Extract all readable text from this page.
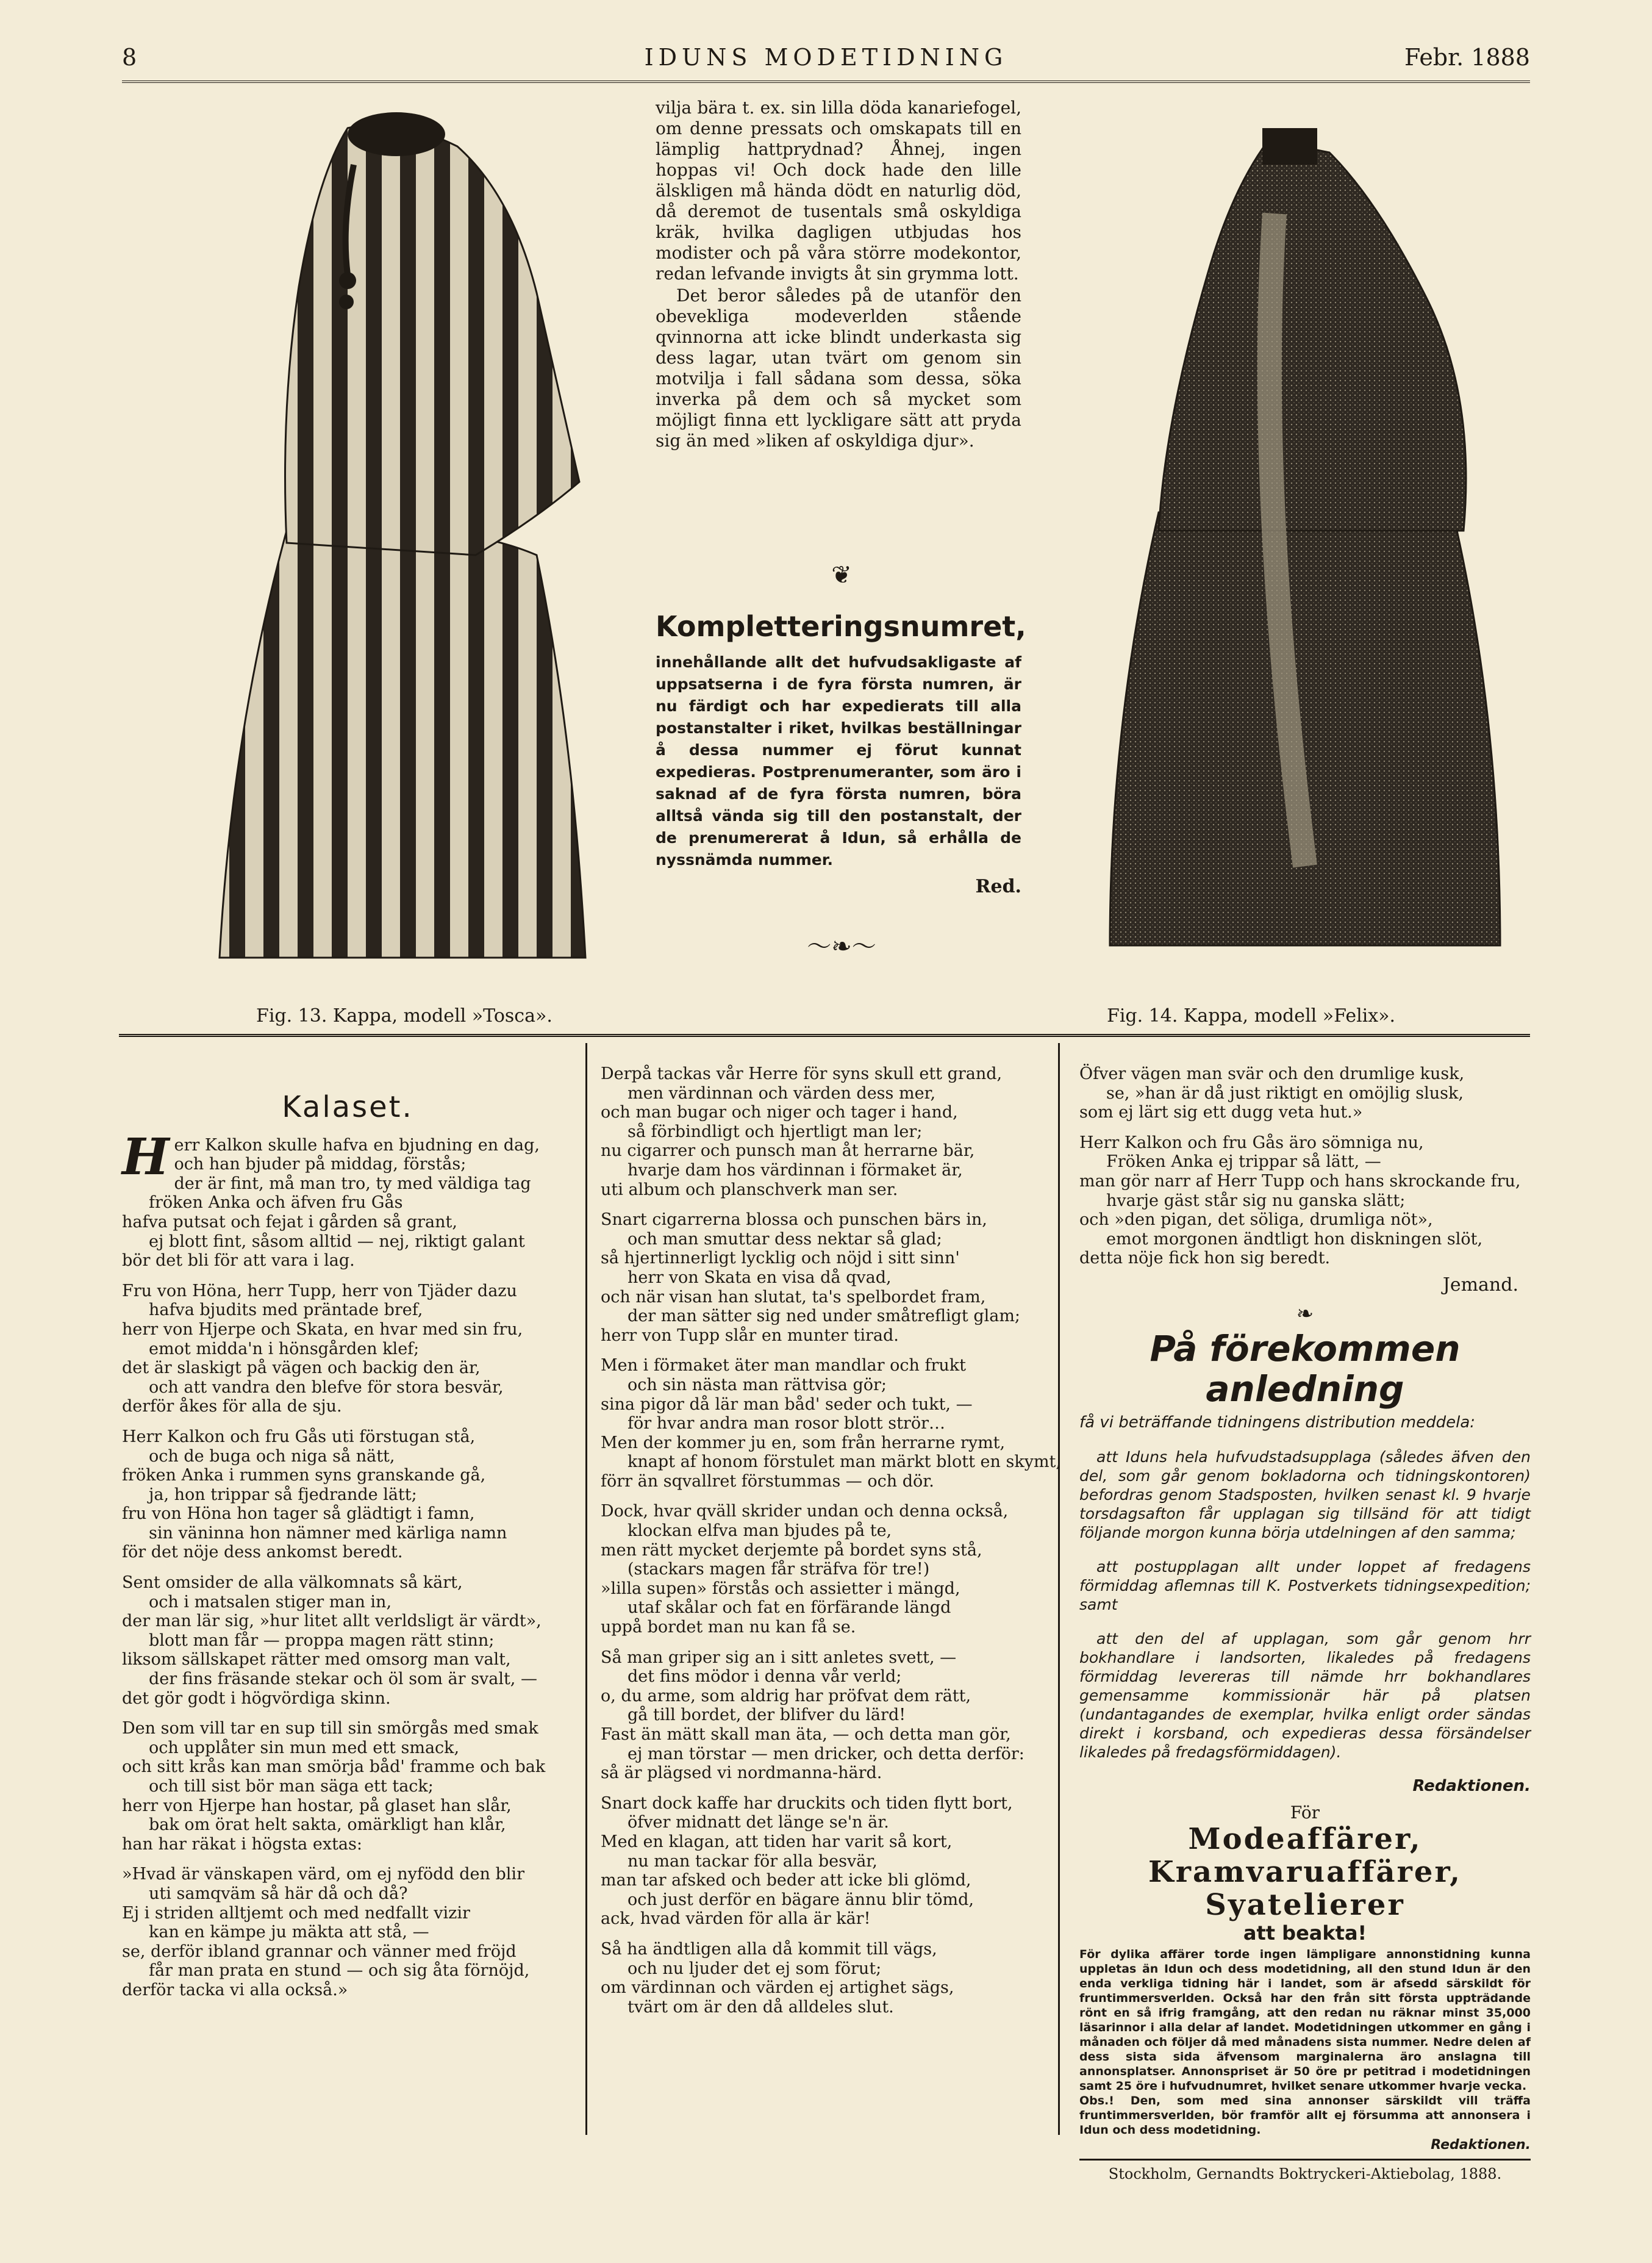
8	IDUNS MODETIDNING	Febr. 1888

vilja bära t. ex. sin lilla döda kanariefogel, om denne pressats och omskapats till en lämplig hattprydnad? Åhnej, ingen hoppas vi! Och dock hade den lille älskligen må hända dödt en naturlig död, då deremot de tusentals små oskyldiga kräk, hvilka dagligen utbjudas hos modister och på våra större modekontor, redan lefvande invigts åt sin grymma lott.

Det beror således på de utanför den obevekliga modeverlden stående qvinnorna att icke blindt underkasta sig dess lagar, utan tvärt om genom sin motvilja i fall sådana som dessa, söka inverka på dem och så mycket som möjligt finna ett lyckligare sätt att pryda sig än med »liken af oskyldiga djur».

❦
Kompletteringsnumret,
innehållande allt det hufvudsakligaste af uppsatserna i de fyra första numren, är nu färdigt och har expedierats till alla postanstalter i riket, hvilkas beställningar å dessa nummer ej förut kunnat expedieras. Postprenumeranter, som äro i saknad af de fyra första numren, böra alltså vända sig till den postanstalt, der de prenumererat å Idun, så erhålla de nyssnämda nummer.
Red.
〜❧〜
Fig. 13. Kappa, modell »Tosca».	Fig. 14. Kappa, modell »Felix».
Kalaset.
H err Kalkon skulle hafva en bjudning en dag,
och han bjuder på middag, förstås;
der är fint, må man tro, ty med väldiga tag
fröken Anka och äfven fru Gås
hafva putsat och fejat i gården så grant,
ej blott fint, såsom alltid — nej, riktigt galant
bör det bli för att vara i lag.
Fru von Höna, herr Tupp, herr von Tjäder dazu
hafva bjudits med präntade bref,
herr von Hjerpe och Skata, en hvar med sin fru,
emot midda'n i hönsgården klef;
det är slaskigt på vägen och backig den är,
och att vandra den blefve för stora besvär,
derför åkes för alla de sju.
Herr Kalkon och fru Gås uti förstugan stå,
och de buga och niga så nätt,
fröken Anka i rummen syns granskande gå,
ja, hon trippar så fjedrande lätt;
fru von Höna hon tager så glädtigt i famn,
sin väninna hon nämner med kärliga namn
för det nöje dess ankomst beredt.
Sent omsider de alla välkomnats så kärt,
och i matsalen stiger man in,
der man lär sig, »hur litet allt verldsligt är värdt»,
blott man får — proppa magen rätt stinn;
liksom sällskapet rätter med omsorg man valt,
der fins fräsande stekar och öl som är svalt, —
det gör godt i högvördiga skinn.
Den som vill tar en sup till sin smörgås med smak
och upplåter sin mun med ett smack,
och sitt krås kan man smörja båd' framme och bak
och till sist bör man säga ett tack;
herr von Hjerpe han hostar, på glaset han slår,
bak om örat helt sakta, omärkligt han klår,
han har räkat i högsta extas:
»Hvad är vänskapen värd, om ej nyfödd den blir
uti samqväm så här då och då?
Ej i striden alltjemt och med nedfallt vizir
kan en kämpe ju mäkta att stå, —
se, derför ibland grannar och vänner med fröjd
får man prata en stund — och sig åta förnöjd,
derför tacka vi alla också.»
Derpå tackas vår Herre för syns skull ett grand,
men värdinnan och värden dess mer,
och man bugar och niger och tager i hand,
så förbindligt och hjertligt man ler;
nu cigarrer och punsch man åt herrarne bär,
hvarje dam hos värdinnan i förmaket är,
uti album och planschverk man ser.
Snart cigarrerna blossa och punschen bärs in,
och man smuttar dess nektar så glad;
så hjertinnerligt lycklig och nöjd i sitt sinn'
herr von Skata en visa då qvad,
och när visan han slutat, ta's spelbordet fram,
der man sätter sig ned under småtrefligt glam;
herr von Tupp slår en munter tirad.
Men i förmaket äter man mandlar och frukt
och sin nästa man rättvisa gör;
sina pigor då lär man båd' seder och tukt, —
för hvar andra man rosor blott strör…
Men der kommer ju en, som från herrarne rymt,
knapt af honom förstulet man märkt blott en skymt,
förr än sqvallret förstummas — och dör.
Dock, hvar qväll skrider undan och denna också,
klockan elfva man bjudes på te,
men rätt mycket derjemte på bordet syns stå,
(stackars magen får sträfva för tre!)
»lilla supen» förstås och assietter i mängd,
utaf skålar och fat en förfärande längd
uppå bordet man nu kan få se.
Så man griper sig an i sitt anletes svett, —
det fins mödor i denna vår verld;
o, du arme, som aldrig har pröfvat dem rätt,
gå till bordet, der blifver du lärd!
Fast än mätt skall man äta, — och detta man gör,
ej man törstar — men dricker, och detta derför:
så är plägsed vi nordmanna-härd.
Snart dock kaffe har druckits och tiden flytt bort,
öfver midnatt det länge se'n är.
Med en klagan, att tiden har varit så kort,
nu man tackar för alla besvär,
man tar afsked och beder att icke bli glömd,
och just derför en bägare ännu blir tömd,
ack, hvad värden för alla är kär!
Så ha ändtligen alla då kommit till vägs,
och nu ljuder det ej som förut;
om värdinnan och värden ej artighet sägs,
tvärt om är den då alldeles slut.
Öfver vägen man svär och den drumlige kusk,
se, »han är då just riktigt en omöjlig slusk,
som ej lärt sig ett dugg veta hut.»
Herr Kalkon och fru Gås äro sömniga nu,
Fröken Anka ej trippar så lätt, —
man gör narr af Herr Tupp och hans skrockande fru,
hvarje gäst står sig nu ganska slätt;
och »den pigan, det söliga, drumliga nöt»,
emot morgonen ändtligt hon diskningen slöt,
detta nöje fick hon sig beredt.
Jemand.
❧
På förekommen anledning
få vi beträffande tidningens distribution meddela:

att Iduns hela hufvudstadsupplaga (således äfven den del, som går genom bokladorna och tidningskontoren) befordras genom Stadsposten, hvilken senast kl. 9 hvarje torsdagsafton får upplagan sig tillsänd för att tidigt följande morgon kunna börja utdelningen af den samma;

att postupplagan allt under loppet af fredagens förmiddag aflemnas till K. Postverkets tidningsexpedition; samt

att den del af upplagan, som går genom hrr bokhandlare i landsorten, likaledes på fredagens förmiddag levereras till nämde hrr bokhandlares gemensamme kommissionär här på platsen (undantagandes de exemplar, hvilka enligt order sändas direkt i korsband, och expedieras dessa försändelser likaledes på fredagsförmiddagen).

Redaktionen.
För
Modeaffärer,
Kramvaruaffärer,
Syatelierer
att beakta!
För dylika affärer torde ingen lämpligare annonstidning kunna uppletas än Idun och dess modetidning, all den stund Idun är den enda verkliga tidning här i landet, som är afsedd särskildt för fruntimmersverlden. Också har den från sitt första uppträdande rönt en så ifrig framgång, att den redan nu räknar minst 35,000 läsarinnor i alla delar af landet. Modetidningen utkommer en gång i månaden och följer då med månadens sista nummer. Nedre delen af dess sista sida äfvensom marginalerna äro anslagna till annonsplatser. Annonspriset är 50 öre pr petitrad i modetidningen samt 25 öre i hufvudnumret, hvilket senare utkommer hvarje vecka.
Obs.! Den, som med sina annonser särskildt vill träffa fruntimmersverlden, bör framför allt ej försumma att annonsera i Idun och dess modetidning.
Redaktionen.
Stockholm, Gernandts Boktryckeri-Aktiebolag, 1888.
